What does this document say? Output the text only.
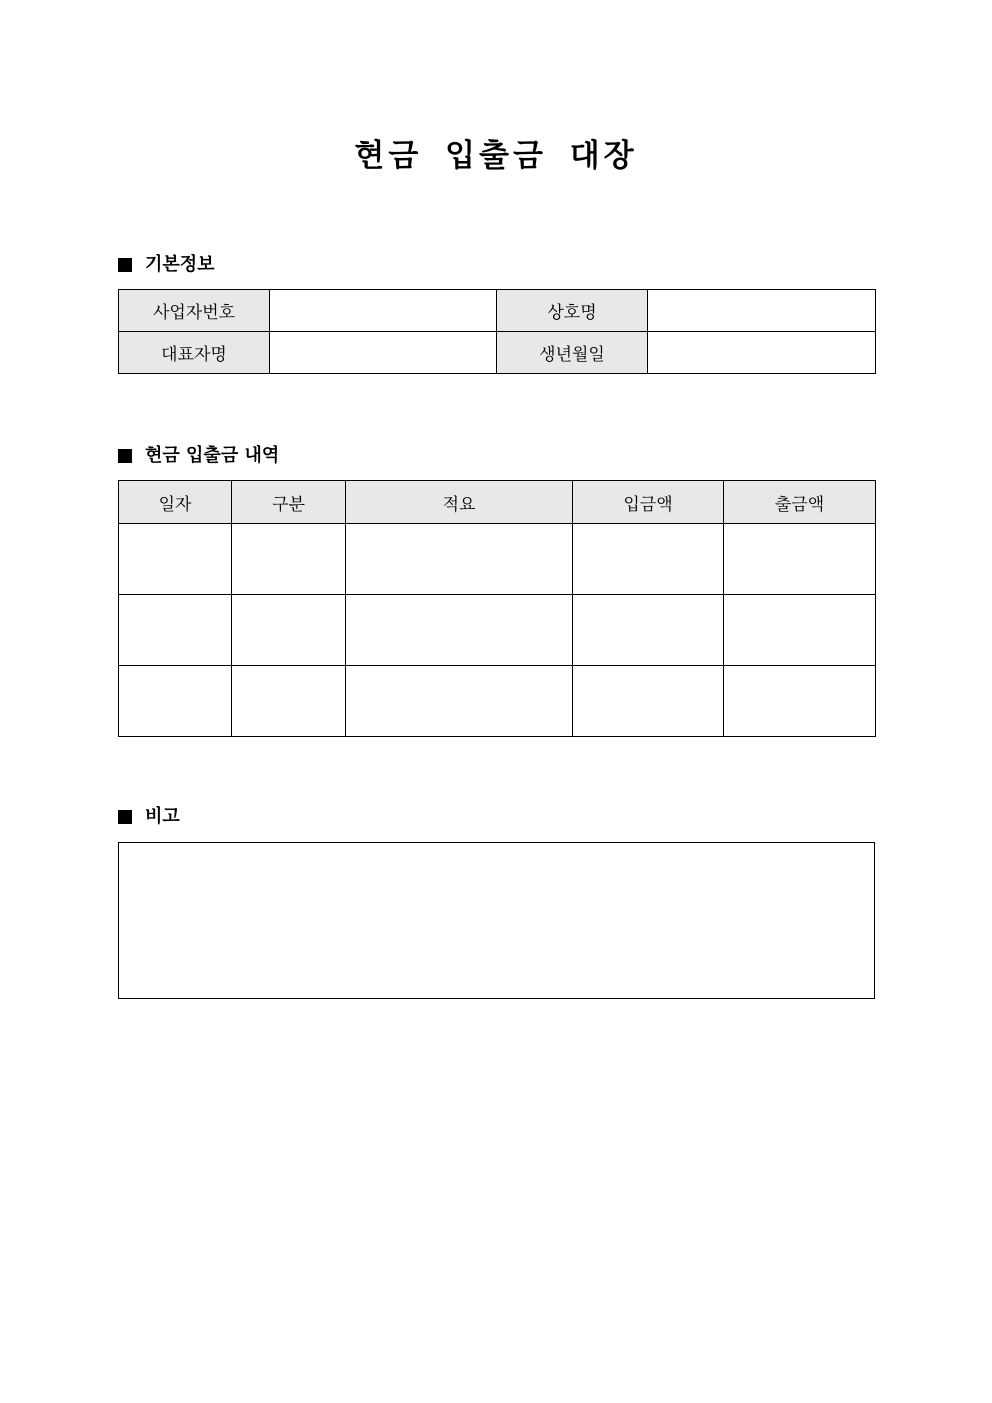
현금 입출금 대장
기본정보
사업자번호		상호명	
대표자명		생년월일	
현금 입출금 내역
일자	구분	적요	입금액	출금액

비고
